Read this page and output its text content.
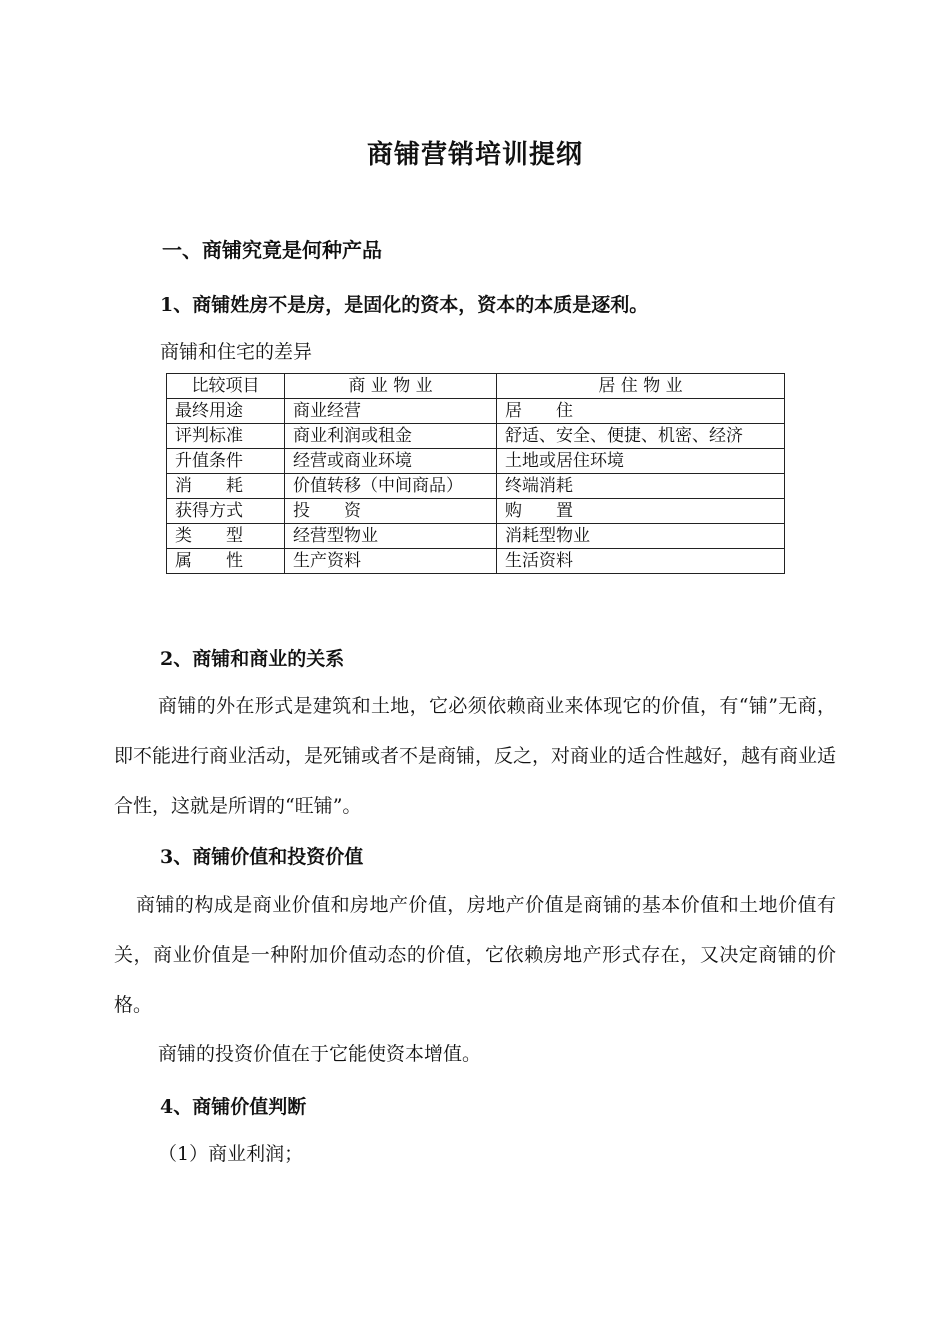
商铺营销培训提纲
一、商铺究竟是何种产品
1、商铺姓房不是房，是固化的资本，资本的本质是逐利。
商铺和住宅的差异
比较项目	商 业 物 业	居 住 物 业
最终用途	商业经营	居　　住
评判标准	商业利润或租金	舒适、安全、便捷、机密、经济
升值条件	经营或商业环境	土地或居住环境
消　　耗	价值转移（中间商品）	终端消耗
获得方式	投　　资	购　　置
类　　型	经营型物业	消耗型物业
属　　性	生产资料	生活资料
2、商铺和商业的关系
商铺的外在形式是建筑和土地，它必须依赖商业来体现它的价值，有“铺”无商，即不能进行商业活动，是死铺或者不是商铺，反之，对商业的适合性越好，越有商业适合性，这就是所谓的“旺铺”。
3、商铺价值和投资价值
商铺的构成是商业价值和房地产价值，房地产价值是商铺的基本价值和土地价值有关，商业价值是一种附加价值动态的价值，它依赖房地产形式存在，又决定商铺的价格。
商铺的投资价值在于它能使资本增值。
4、商铺价值判断
（1）商业利润；
